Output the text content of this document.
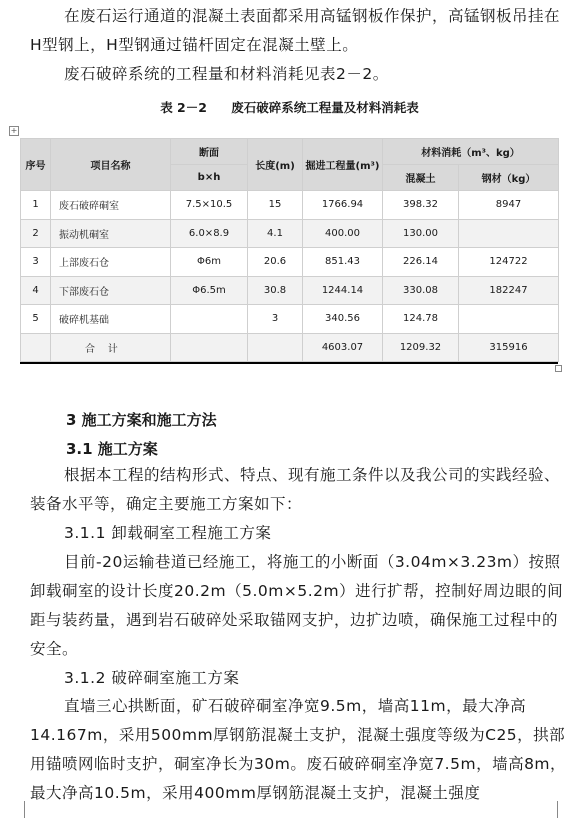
在废石运行通道的混凝土表面都采用高锰钢板作保护，高锰钢板吊挂在H型钢上，H型钢通过锚杆固定在混凝土壁上。
废石破碎系统的工程量和材料消耗见表2－2。
表 2－2 废石破碎系统工程量及材料消耗表
+
序号	项目名称	断面	长度(m)	掘进工程量(m³)	材料消耗（m³、kg）	
		b×h			混凝土	钢材（kg）
1	废石破碎硐室	7.5×10.5	15	1766.94	398.32	8947
2	振动机硐室	6.0×8.9	4.1	400.00	130.00	
3	上部废石仓	Φ6m	20.6	851.43	226.14	124722
4	下部废石仓	Φ6.5m	30.8	1244.14	330.08	182247
5	破碎机基础		3	340.56	124.78	
	合    计			4603.07	1209.32	315916
3 施工方案和施工方法
3.1 施工方案
根据本工程的结构形式、特点、现有施工条件以及我公司的实践经验、装备水平等，确定主要施工方案如下：
3.1.1 卸载硐室工程施工方案
目前-20运输巷道已经施工，将施工的小断面（3.04m×3.23m）按照卸载硐室的设计长度20.2m（5.0m×5.2m）进行扩帮，控制好周边眼的间距与装药量，遇到岩石破碎处采取锚网支护，边扩边喷，确保施工过程中的安全。
3.1.2 破碎硐室施工方案
直墙三心拱断面，矿石破碎硐室净宽9.5m，墙高11m，最大净高14.167m，采用500mm厚钢筋混凝土支护，混凝土强度等级为C25，拱部用锚喷网临时支护，硐室净长为30m。废石破碎硐室净宽7.5m，墙高8m，最大净高10.5m，采用400mm厚钢筋混凝土支护，混凝土强度
